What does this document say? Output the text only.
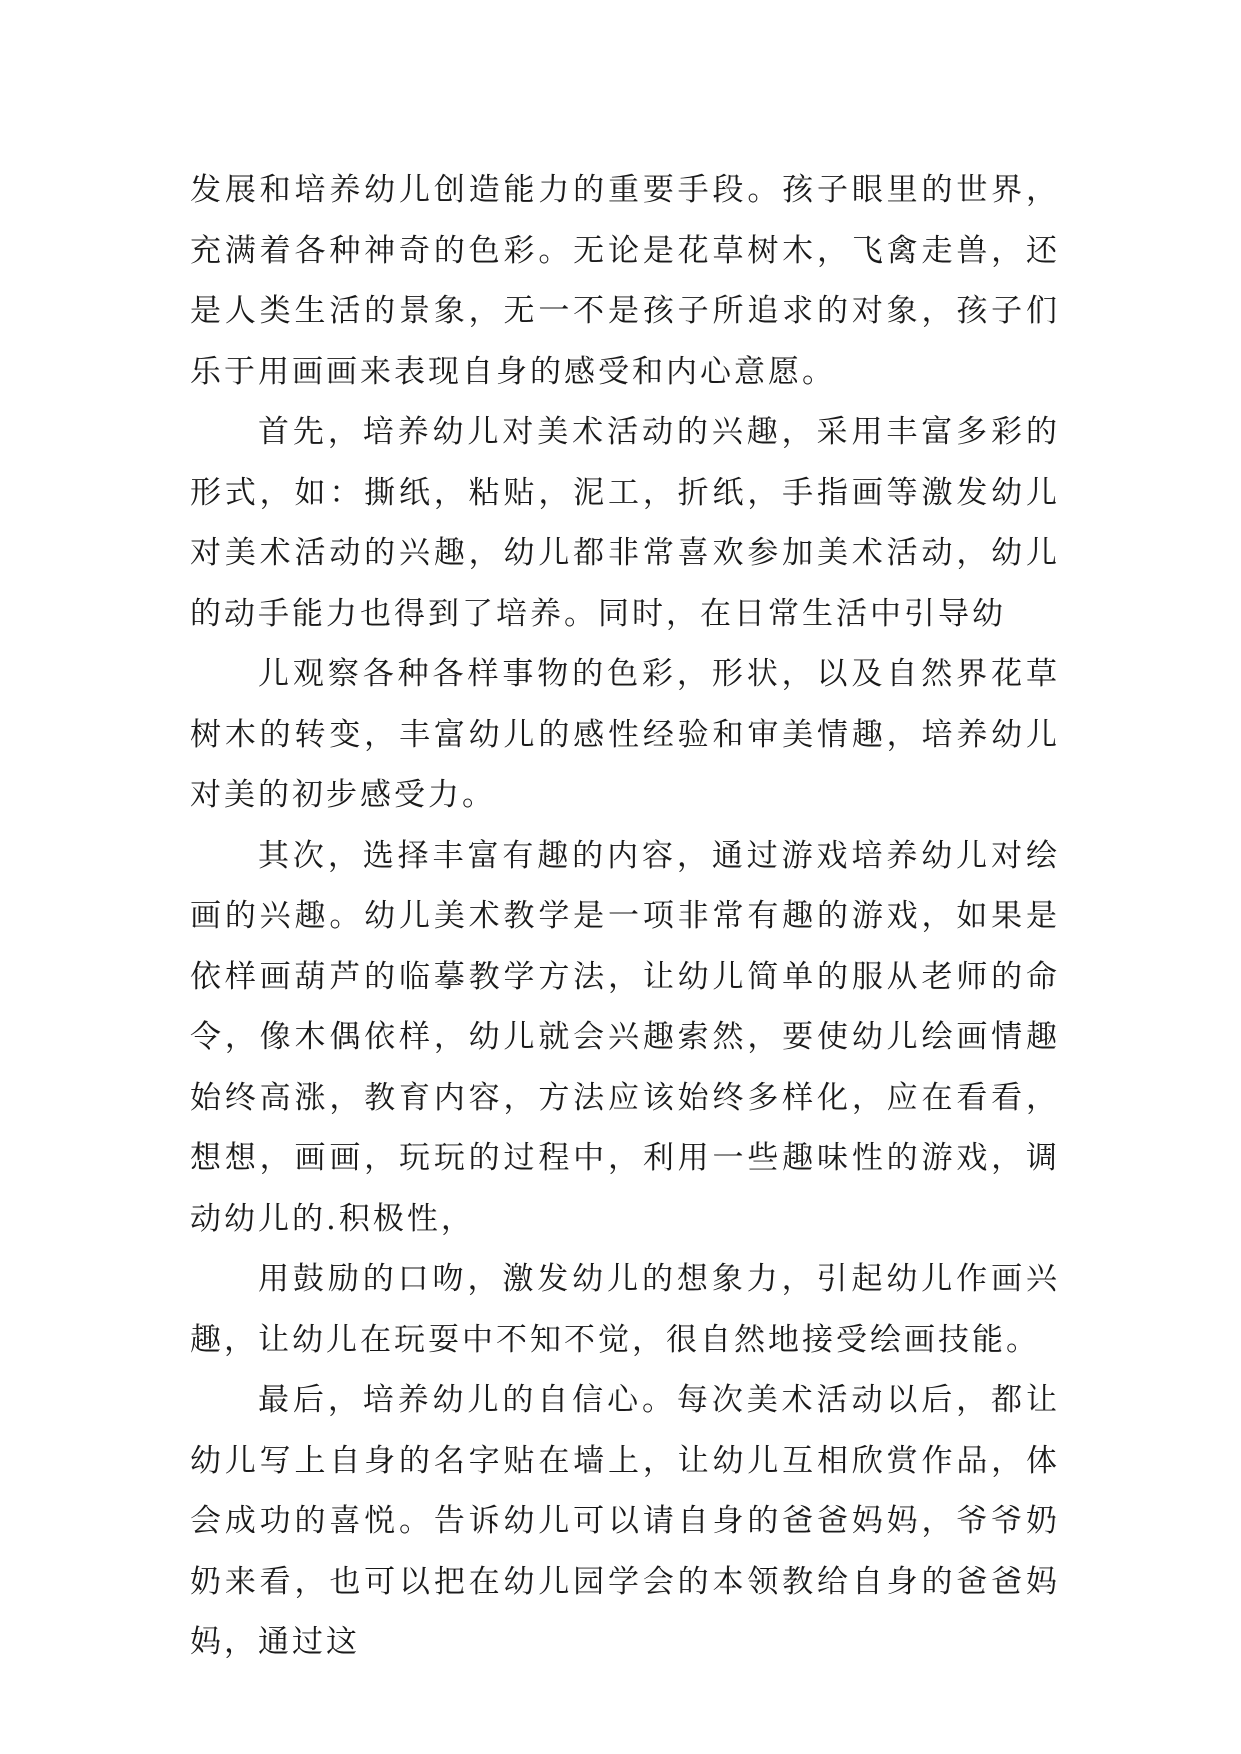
发展和培养幼儿创造能力的重要手段。孩子眼里的世界，充满着各种神奇的色彩。无论是花草树木，飞禽走兽，还是人类生活的景象，无一不是孩子所追求的对象，孩子们乐于用画画来表现自身的感受和内心意愿。

首先，培养幼儿对美术活动的兴趣，采用丰富多彩的形式，如：撕纸，粘贴，泥工，折纸，手指画等激发幼儿对美术活动的兴趣，幼儿都非常喜欢参加美术活动，幼儿的动手能力也得到了培养。同时，在日常生活中引导幼

儿观察各种各样事物的色彩，形状，以及自然界花草树木的转变，丰富幼儿的感性经验和审美情趣，培养幼儿对美的初步感受力。

其次，选择丰富有趣的内容，通过游戏培养幼儿对绘画的兴趣。幼儿美术教学是一项非常有趣的游戏，如果是依样画葫芦的临摹教学方法，让幼儿简单的服从老师的命令，像木偶依样，幼儿就会兴趣索然，要使幼儿绘画情趣始终高涨，教育内容，方法应该始终多样化，应在看看，想想，画画，玩玩的过程中，利用一些趣味性的游戏，调动幼儿的.积极性，

用鼓励的口吻，激发幼儿的想象力，引起幼儿作画兴趣，让幼儿在玩耍中不知不觉，很自然地接受绘画技能。

最后，培养幼儿的自信心。每次美术活动以后，都让幼儿写上自身的名字贴在墙上，让幼儿互相欣赏作品，体会成功的喜悦。告诉幼儿可以请自身的爸爸妈妈，爷爷奶奶来看，也可以把在幼儿园学会的本领教给自身的爸爸妈妈，通过这
